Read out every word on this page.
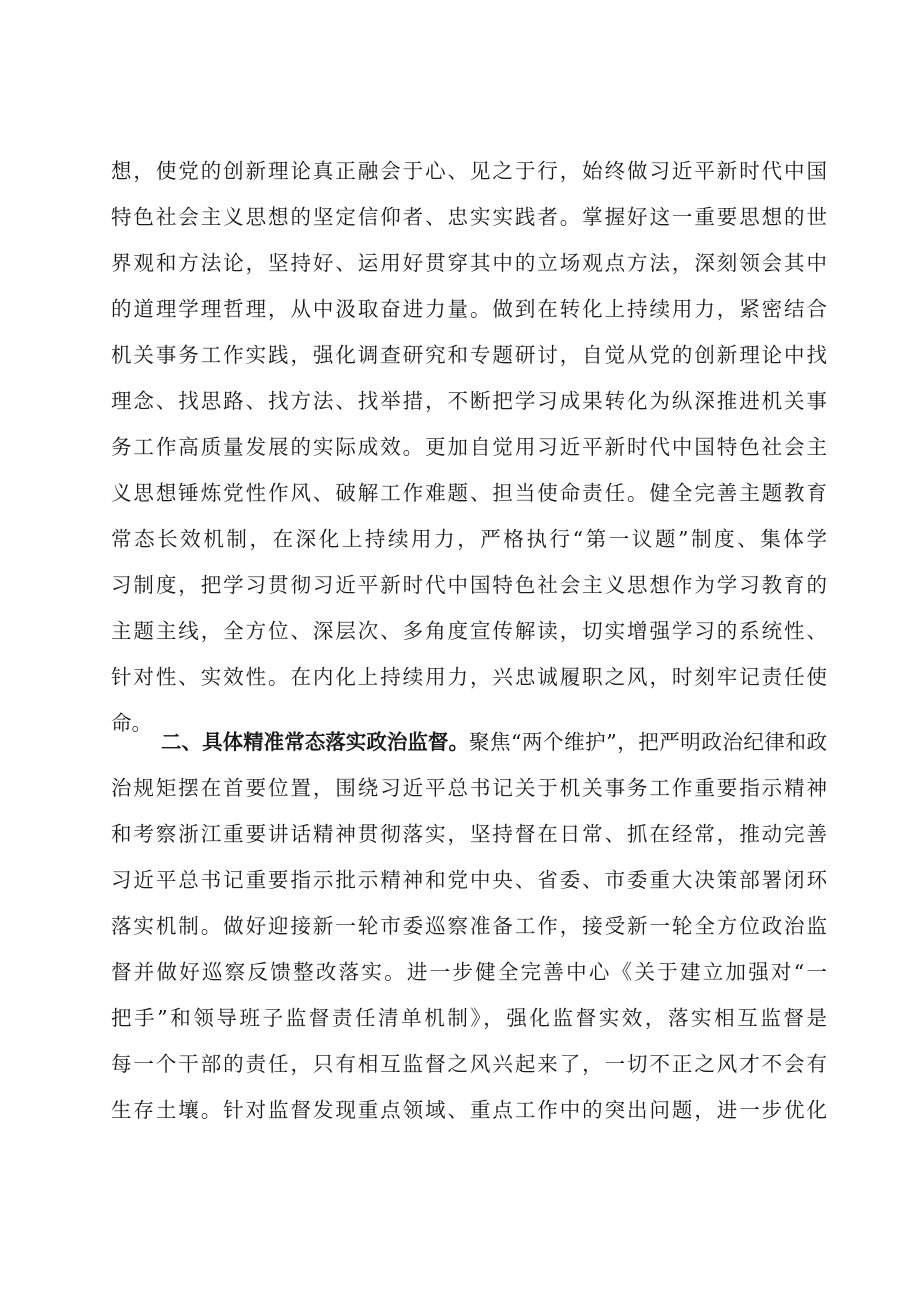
想，使党的创新理论真正融会于心、见之于行，始终做习近平新时代中国
特色社会主义思想的坚定信仰者、忠实实践者。掌握好这一重要思想的世
界观和方法论，坚持好、运用好贯穿其中的立场观点方法，深刻领会其中
的道理学理哲理，从中汲取奋进力量。做到在转化上持续用力，紧密结合
机关事务工作实践，强化调查研究和专题研讨，自觉从党的创新理论中找
理念、找思路、找方法、找举措，不断把学习成果转化为纵深推进机关事
务工作高质量发展的实际成效。更加自觉用习近平新时代中国特色社会主
义思想锤炼党性作风、破解工作难题、担当使命责任。健全完善主题教育
常态长效机制，在深化上持续用力，严格执行“第一议题”制度、集体学
习制度，把学习贯彻习近平新时代中国特色社会主义思想作为学习教育的
主题主线，全方位、深层次、多角度宣传解读，切实增强学习的系统性、
针对性、实效性。在内化上持续用力，兴忠诚履职之风，时刻牢记责任使
命。
二、具体精准常态落实政治监督。聚焦“两个维护”，把严明政治纪律和政
治规矩摆在首要位置，围绕习近平总书记关于机关事务工作重要指示精神
和考察浙江重要讲话精神贯彻落实，坚持督在日常、抓在经常，推动完善
习近平总书记重要指示批示精神和党中央、省委、市委重大决策部署闭环
落实机制。做好迎接新一轮市委巡察准备工作，接受新一轮全方位政治监
督并做好巡察反馈整改落实。进一步健全完善中心《关于建立加强对“一
把手”和领导班子监督责任清单机制》，强化监督实效，落实相互监督是
每一个干部的责任，只有相互监督之风兴起来了，一切不正之风才不会有
生存土壤。针对监督发现重点领域、重点工作中的突出问题，进一步优化
